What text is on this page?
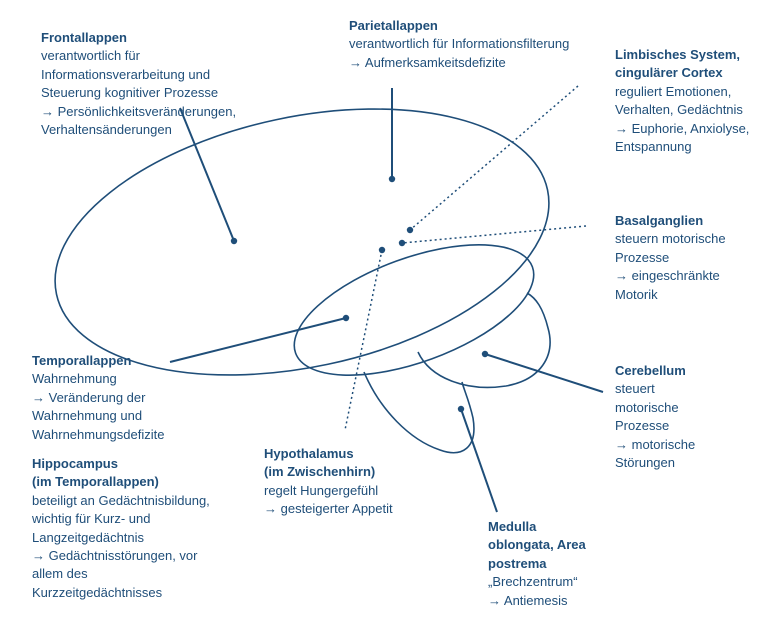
Frontallappen
verantwortlich für
Informationsverarbeitung und
Steuerung kognitiver Prozesse
→ Persönlichkeitsveränderungen,
Verhaltensänderungen
Parietallappen
verantwortlich für Informationsfilterung
→ Aufmerksamkeitsdefizite
Limbisches System,
cingulärer Cortex
reguliert Emotionen,
Verhalten, Gedächtnis
→ Euphorie, Anxiolyse,
Entspannung
Basalganglien
steuern motorische
Prozesse
→ eingeschränkte
Motorik
Cerebellum
steuert
motorische
Prozesse
→ motorische
Störungen
Temporallappen
Wahrnehmung
→ Veränderung der
Wahrnehmung und
Wahrnehmungsdefizite
Hippocampus
(im Temporallappen)
beteiligt an Gedächtnisbildung,
wichtig für Kurz- und
Langzeitgedächtnis
→ Gedächtnisstörungen, vor
allem des
Kurzzeitgedächtnisses
Hypothalamus
(im Zwischenhirn)
regelt Hungergefühl
→ gesteigerter Appetit
Medulla
oblongata, Area
postrema
„Brechzentrum“
→ Antiemesis
